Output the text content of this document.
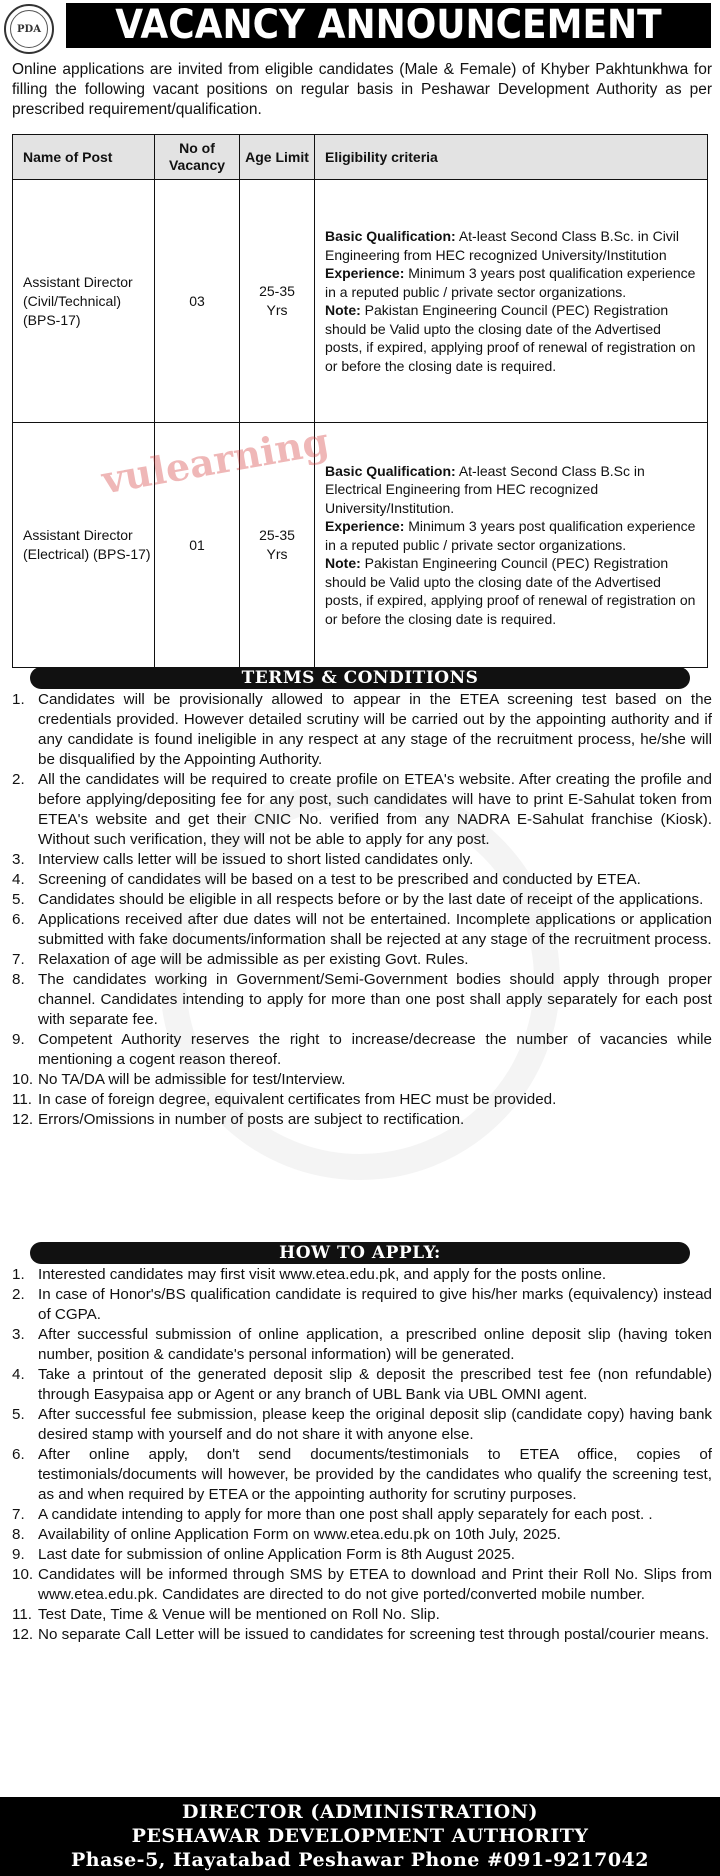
PDA	VACANCY ANNOUNCEMENT

Online applications are invited from eligible candidates (Male & Female) of Khyber Pakhtunkhwa for filling the following vacant positions on regular basis in Peshawar Development Authority as per prescribed requirement/qualification.

Name of Post	No of Vacancy	Age Limit	Eligibility criteria
Assistant Director (Civil/Technical) (BPS-17)	03	25-35 Yrs	Basic Qualification: At-least Second Class B.Sc. in Civil Engineering from HEC recognized University/Institution
Experience: Minimum 3 years post qualification experience in a reputed public / private sector organizations.
Note: Pakistan Engineering Council (PEC) Registration should be Valid upto the closing date of the Advertised posts, if expired, applying proof of renewal of registration on or before the closing date is required.
Assistant Director (Electrical) (BPS-17)	01	25-35 Yrs	Basic Qualification: At-least Second Class B.Sc in Electrical Engineering from HEC recognized University/Institution.
Experience: Minimum 3 years post qualification experience in a reputed public / private sector organizations.
Note: Pakistan Engineering Council (PEC) Registration should be Valid upto the closing date of the Advertised posts, if expired, applying proof of renewal of registration on or before the closing date is required.
vulearning
TERMS & CONDITIONS
1. Candidates will be provisionally allowed to appear in the ETEA screening test based on the credentials provided. However detailed scrutiny will be carried out by the appointing authority and if any candidate is found ineligible in any respect at any stage of the recruitment process, he/she will be disqualified by the Appointing Authority.
2. All the candidates will be required to create profile on ETEA's website. After creating the profile and before applying/depositing fee for any post, such candidates will have to print E-Sahulat token from ETEA's website and get their CNIC No. verified from any NADRA E-Sahulat franchise (Kiosk). Without such verification, they will not be able to apply for any post.
3. Interview calls letter will be issued to short listed candidates only.
4. Screening of candidates will be based on a test to be prescribed and conducted by ETEA.
5. Candidates should be eligible in all respects before or by the last date of receipt of the applications.
6. Applications received after due dates will not be entertained. Incomplete applications or application submitted with fake documents/information shall be rejected at any stage of the recruitment process.
7. Relaxation of age will be admissible as per existing Govt. Rules.
8. The candidates working in Government/Semi-Government bodies should apply through proper channel. Candidates intending to apply for more than one post shall apply separately for each post with separate fee.
9. Competent Authority reserves the right to increase/decrease the number of vacancies while mentioning a cogent reason thereof.
10. No TA/DA will be admissible for test/Interview.
11. In case of foreign degree, equivalent certificates from HEC must be provided.
12. Errors/Omissions in number of posts are subject to rectification.
HOW TO APPLY:
1. Interested candidates may first visit www.etea.edu.pk, and apply for the posts online.
2. In case of Honor's/BS qualification candidate is required to give his/her marks (equivalency) instead of CGPA.
3. After successful submission of online application, a prescribed online deposit slip (having token number, position & candidate's personal information) will be generated.
4. Take a printout of the generated deposit slip & deposit the prescribed test fee (non refundable) through Easypaisa app or Agent or any branch of UBL Bank via UBL OMNI agent.
5. After successful fee submission, please keep the original deposit slip (candidate copy) having bank desired stamp with yourself and do not share it with anyone else.
6. After online apply, don't send documents/testimonials to ETEA office, copies of testimonials/documents will however, be provided by the candidates who qualify the screening test, as and when required by ETEA or the appointing authority for scrutiny purposes.
7. A candidate intending to apply for more than one post shall apply separately for each post. .
8. Availability of online Application Form on www.etea.edu.pk on 10th July, 2025.
9. Last date for submission of online Application Form is 8th August 2025.
10. Candidates will be informed through SMS by ETEA to download and Print their Roll No. Slips from www.etea.edu.pk. Candidates are directed to do not give ported/converted mobile number.
11. Test Date, Time & Venue will be mentioned on Roll No. Slip.
12. No separate Call Letter will be issued to candidates for screening test through postal/courier means.
DIRECTOR (ADMINISTRATION)
PESHAWAR DEVELOPMENT AUTHORITY
Phase-5, Hayatabad Peshawar Phone #091-9217042
